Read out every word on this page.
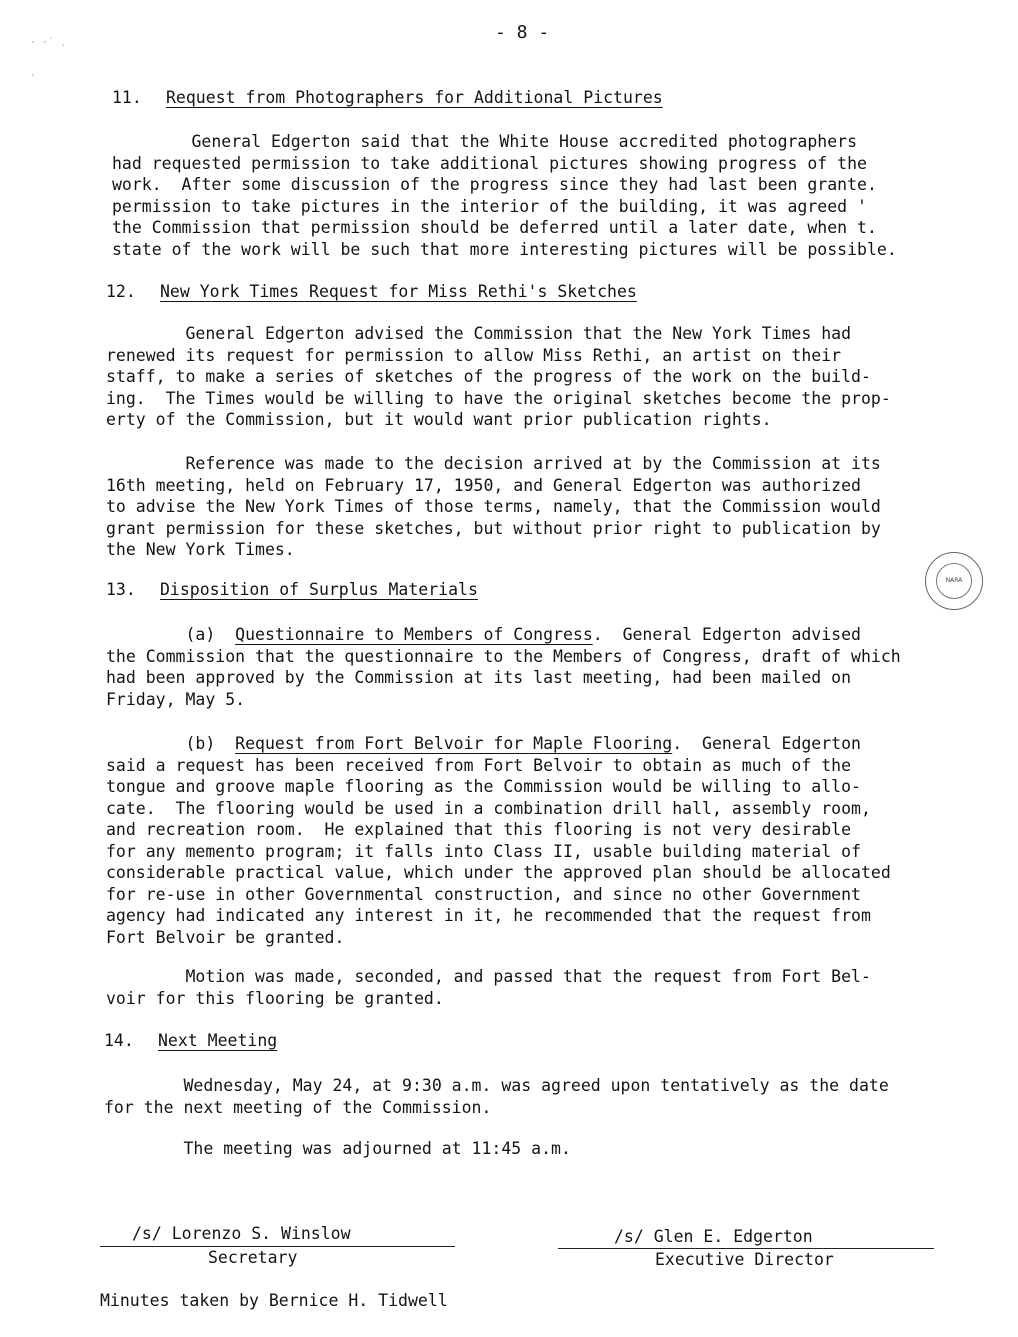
- 8 -
· ·˙ ˌ
ˌ
11. Request from Photographers for Additional Pictures
General Edgerton said that the White House accredited photographers
had requested permission to take additional pictures showing progress of the
work.  After some discussion of the progress since they had last been grante.
permission to take pictures in the interior of the building, it was agreed '
the Commission that permission should be deferred until a later date, when t.
state of the work will be such that more interesting pictures will be possible.
12. New York Times Request for Miss Rethi's Sketches
General Edgerton advised the Commission that the New York Times had
renewed its request for permission to allow Miss Rethi, an artist on their
staff, to make a series of sketches of the progress of the work on the build-
ing.  The Times would be willing to have the original sketches become the prop-
erty of the Commission, but it would want prior publication rights.
Reference was made to the decision arrived at by the Commission at its
16th meeting, held on February 17, 1950, and General Edgerton was authorized
to advise the New York Times of those terms, namely, that the Commission would
grant permission for these sketches, but without prior right to publication by
the New York Times.
NARA
13. Disposition of Surplus Materials
(a)  Questionnaire to Members of Congress.  General Edgerton advised
the Commission that the questionnaire to the Members of Congress, draft of which
had been approved by the Commission at its last meeting, had been mailed on
Friday, May 5.
(b)  Request from Fort Belvoir for Maple Flooring.  General Edgerton
said a request has been received from Fort Belvoir to obtain as much of the
tongue and groove maple flooring as the Commission would be willing to allo-
cate.  The flooring would be used in a combination drill hall, assembly room,
and recreation room.  He explained that this flooring is not very desirable
for any memento program; it falls into Class II, usable building material of
considerable practical value, which under the approved plan should be allocated
for re-use in other Governmental construction, and since no other Government
agency had indicated any interest in it, he recommended that the request from
Fort Belvoir be granted.
Motion was made, seconded, and passed that the request from Fort Bel-
voir for this flooring be granted.
14. Next Meeting
Wednesday, May 24, at 9:30 a.m. was agreed upon tentatively as the date
for the next meeting of the Commission.
The meeting was adjourned at 11:45 a.m.
/s/ Lorenzo S. Winslow
Secretary
/s/ Glen E. Edgerton
Executive Director
Minutes taken by Bernice H. Tidwell
